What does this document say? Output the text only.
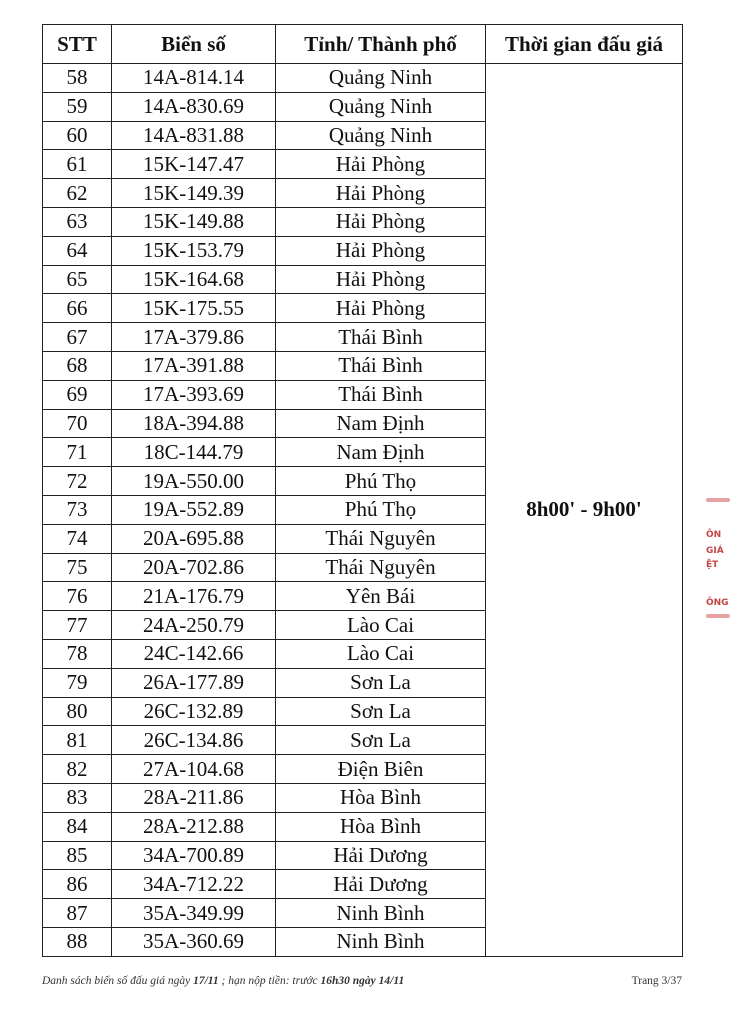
STT	Biển số	Tỉnh/ Thành phố	Thời gian đấu giá
58	14A-814.14	Quảng Ninh	8h00' - 9h00'
59	14A-830.69	Quảng Ninh	
60	14A-831.88	Quảng Ninh	
61	15K-147.47	Hải Phòng	
62	15K-149.39	Hải Phòng	
63	15K-149.88	Hải Phòng	
64	15K-153.79	Hải Phòng	
65	15K-164.68	Hải Phòng	
66	15K-175.55	Hải Phòng	
67	17A-379.86	Thái Bình	
68	17A-391.88	Thái Bình	
69	17A-393.69	Thái Bình	
70	18A-394.88	Nam Định	
71	18C-144.79	Nam Định	
72	19A-550.00	Phú Thọ	
73	19A-552.89	Phú Thọ	
74	20A-695.88	Thái Nguyên	
75	20A-702.86	Thái Nguyên	
76	21A-176.79	Yên Bái	
77	24A-250.79	Lào Cai	
78	24C-142.66	Lào Cai	
79	26A-177.89	Sơn La	
80	26C-132.89	Sơn La	
81	26C-134.86	Sơn La	
82	27A-104.68	Điện Biên	
83	28A-211.86	Hòa Bình	
84	28A-212.88	Hòa Bình	
85	34A-700.89	Hải Dương	
86	34A-712.22	Hải Dương	
87	35A-349.99	Ninh Bình	
88	35A-360.69	Ninh Bình	
Danh sách biển số đấu giá ngày 17/11 ; hạn nộp tiền: trước 16h30 ngày 14/11	Trang 3/37
ÔN
GIÁ
ỆT
ÔNG
